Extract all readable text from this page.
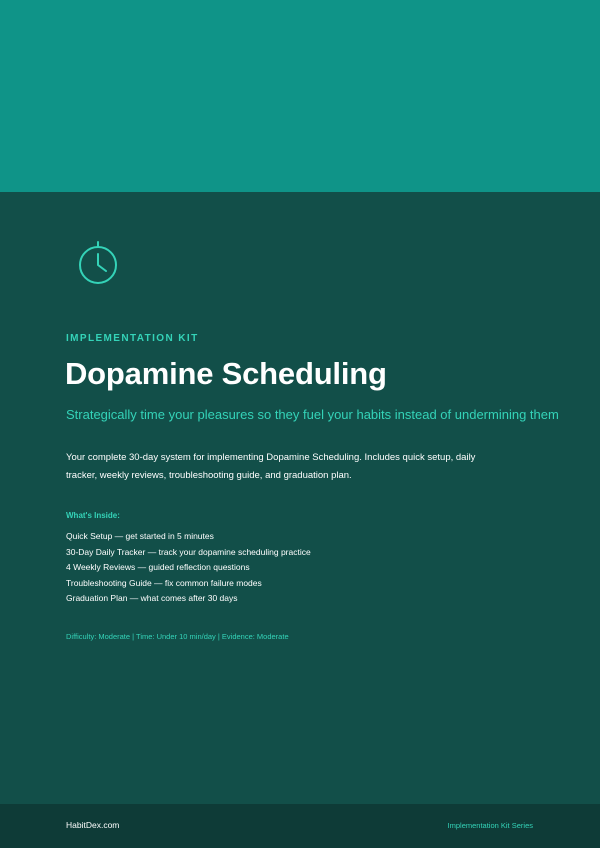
IMPLEMENTATION KIT
Dopamine Scheduling
Strategically time your pleasures so they fuel your habits instead of undermining them
Your complete 30-day system for implementing Dopamine Scheduling. Includes quick setup, daily tracker, weekly reviews, troubleshooting guide, and graduation plan.
What's Inside:
Quick Setup — get started in 5 minutes
30-Day Daily Tracker — track your dopamine scheduling practice
4 Weekly Reviews — guided reflection questions
Troubleshooting Guide — fix common failure modes
Graduation Plan — what comes after 30 days
Difficulty: Moderate | Time: Under 10 min/day | Evidence: Moderate
HabitDex.com	Implementation Kit Series
